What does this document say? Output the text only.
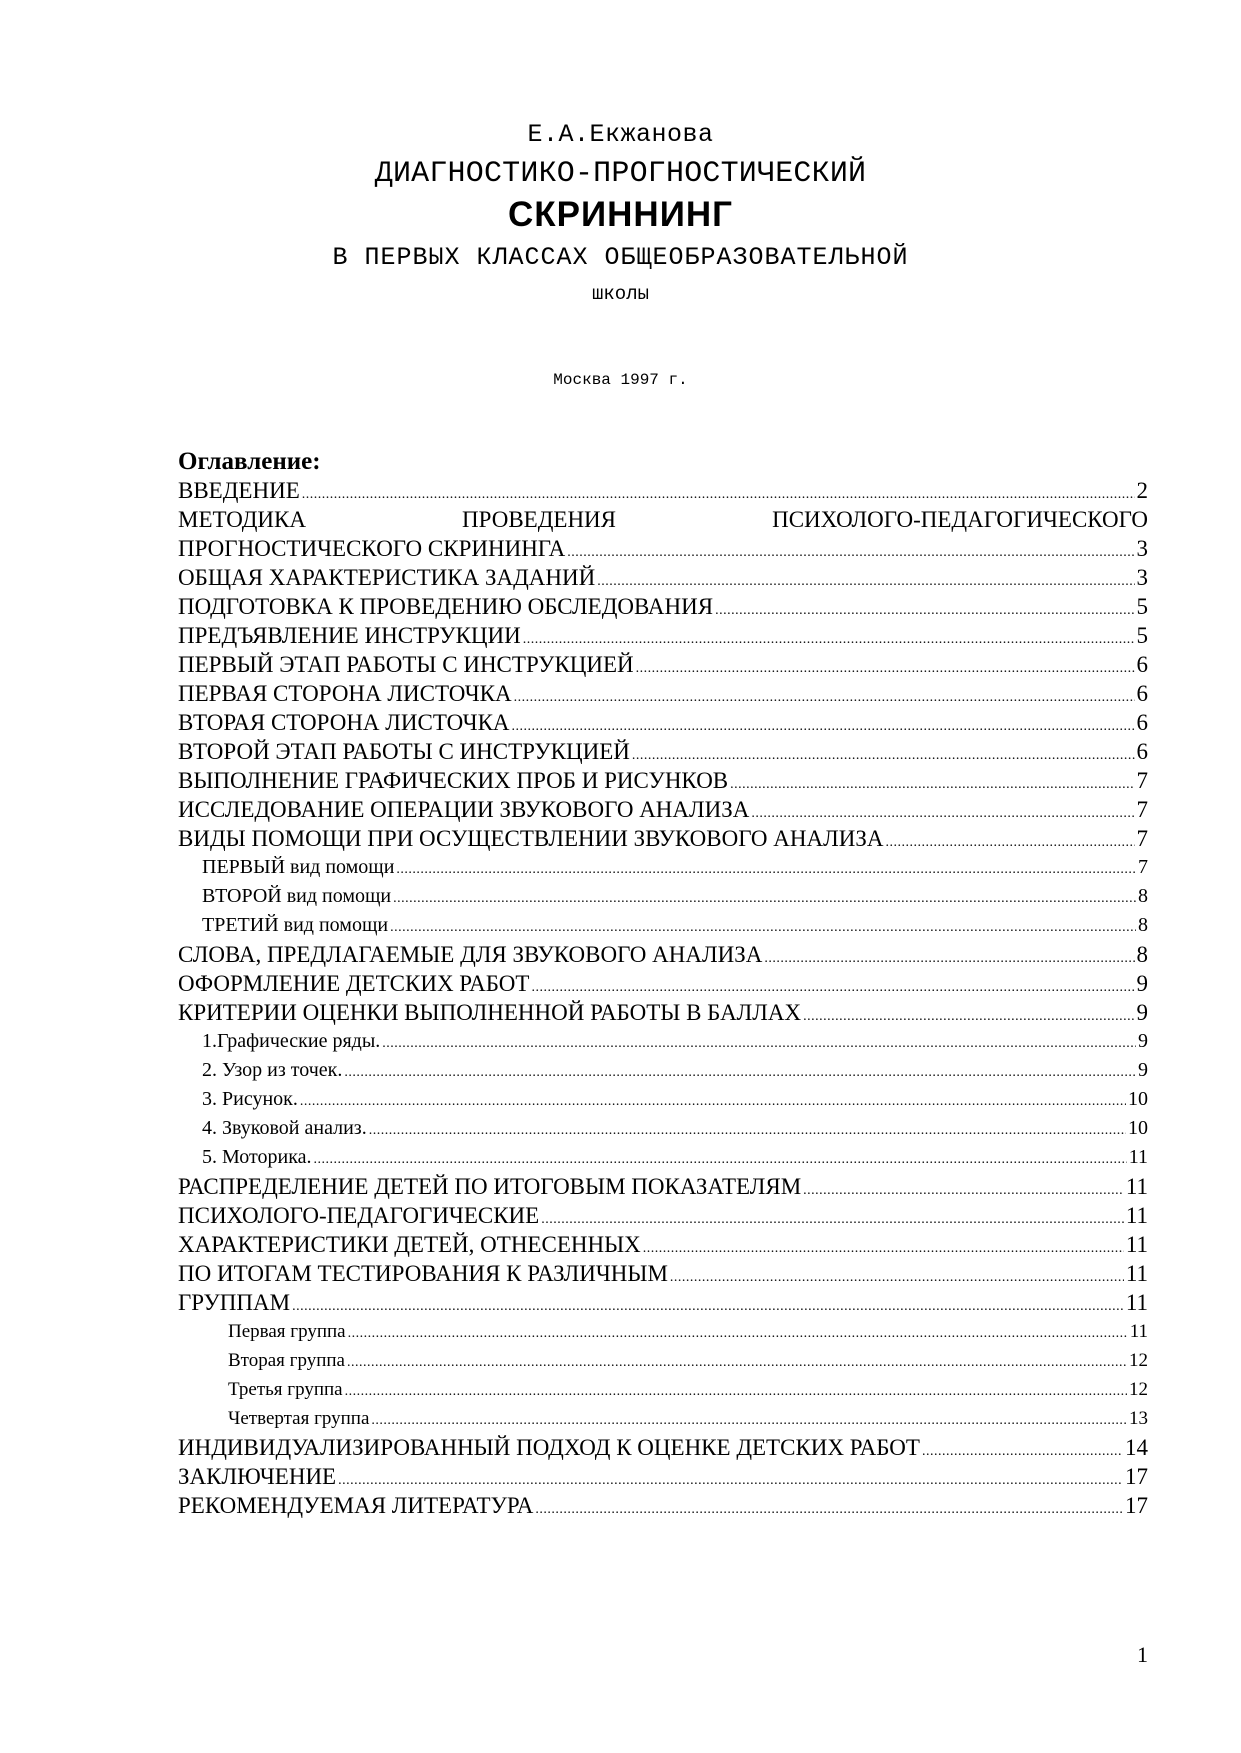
Е.А.Екжанова
ДИАГНОСТИКО-ПРОГНОСТИЧЕСКИЙ
СКРИННИНГ
В ПЕРВЫХ КЛАССАХ ОБЩЕОБРАЗОВАТЕЛЬНОЙ
школы
Москва 1997 г.
Оглавление:
ВВЕДЕНИЕ .....	2
МЕТОДИКА	ПРОВЕДЕНИЯ	ПСИХОЛОГО-ПЕДАГОГИЧЕСКОГО
ПРОГНОСТИЧЕСКОГО СКРИНИНГА .....	3
ОБЩАЯ ХАРАКТЕРИСТИКА ЗАДАНИЙ .....	3
ПОДГОТОВКА К ПРОВЕДЕНИЮ ОБСЛЕДОВАНИЯ .....	5
ПРЕДЪЯВЛЕНИЕ ИНСТРУКЦИИ .....	5
ПЕРВЫЙ ЭТАП РАБОТЫ С ИНСТРУКЦИЕЙ .....	6
ПЕРВАЯ СТОРОНА ЛИСТОЧКА .....	6
ВТОРАЯ СТОРОНА ЛИСТОЧКА .....	6
ВТОРОЙ ЭТАП РАБОТЫ С ИНСТРУКЦИЕЙ .....	6
ВЫПОЛНЕНИЕ ГРАФИЧЕСКИХ ПРОБ И РИСУНКОВ .....	7
ИССЛЕДОВАНИЕ ОПЕРАЦИИ ЗВУКОВОГО АНАЛИЗА .....	7
ВИДЫ ПОМОЩИ ПРИ ОСУЩЕСТВЛЕНИИ ЗВУКОВОГО АНАЛИЗА .....	7
ПЕРВЫЙ вид помощи .....	7
ВТОРОЙ вид помощи .....	8
ТРЕТИЙ вид помощи .....	8
СЛОВА, ПРЕДЛАГАЕМЫЕ ДЛЯ ЗВУКОВОГО АНАЛИЗА .....	8
ОФОРМЛЕНИЕ ДЕТСКИХ РАБОТ .....	9
КРИТЕРИИ ОЦЕНКИ ВЫПОЛНЕННОЙ РАБОТЫ В БАЛЛАХ .....	9
1.Графические ряды. .....	9
2. Узор из точек. .....	9
3. Рисунок. .....	10
4. Звуковой анализ. .....	10
5. Моторика. .....	11
РАСПРЕДЕЛЕНИЕ ДЕТЕЙ ПО ИТОГОВЫМ ПОКАЗАТЕЛЯМ .....	11
ПСИХОЛОГО-ПЕДАГОГИЧЕСКИЕ .....	11
ХАРАКТЕРИСТИКИ ДЕТЕЙ, ОТНЕСЕННЫХ .....	11
ПО ИТОГАМ ТЕСТИРОВАНИЯ К РАЗЛИЧНЫМ .....	11
ГРУППАМ .....	11
Первая группа .....	11
Вторая группа .....	12
Третья группа .....	12
Четвертая группа .....	13
ИНДИВИДУАЛИЗИРОВАННЫЙ ПОДХОД К ОЦЕНКЕ ДЕТСКИХ РАБОТ .....	14
ЗАКЛЮЧЕНИЕ .....	17
РЕКОМЕНДУЕМАЯ ЛИТЕРАТУРА .....	17
1
